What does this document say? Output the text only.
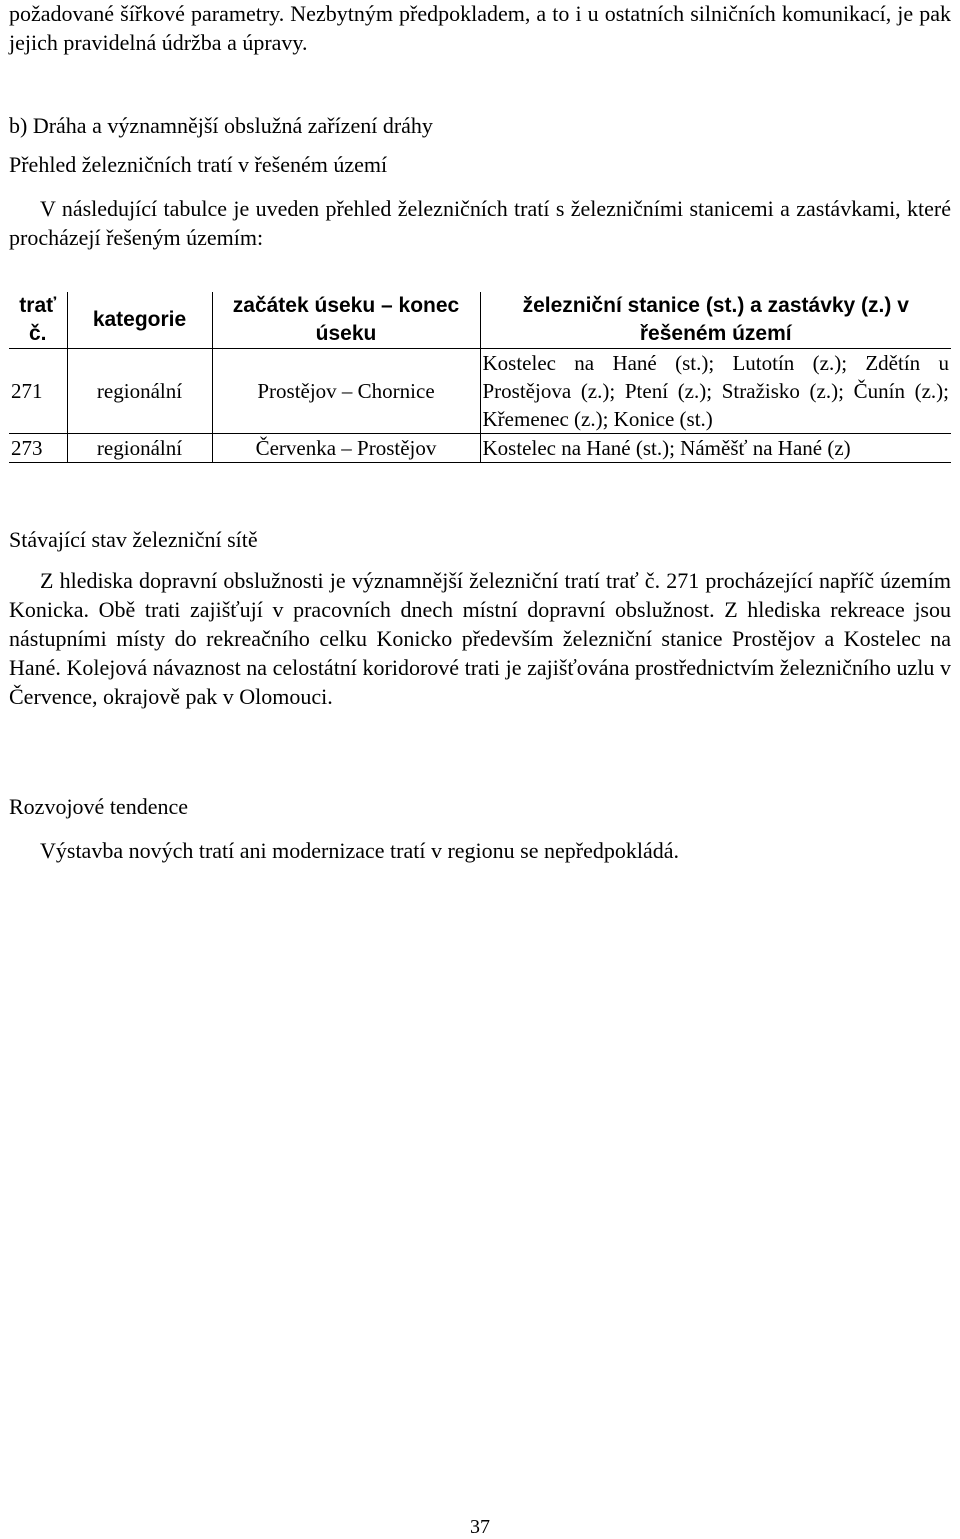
požadované šířkové parametry. Nezbytným předpokladem, a to i u ostatních silničních komunikací, je pak jejich pravidelná údržba a úpravy.

b) Dráha a významnější obslužná zařízení dráhy

Přehled železničních tratí v řešeném území

V následující tabulce je uveden přehled železničních tratí s železničními stanicemi a zastávkami, které procházejí řešeným územím:

trať č.	kategorie	začátek úseku – konec úseku	železniční stanice (st.) a zastávky (z.) v řešeném území
271	regionální	Prostějov – Chornice	Kostelec na Hané (st.); Lutotín (z.); Zdětín u Prostějova (z.); Ptení (z.); Stražisko (z.); Čunín (z.); Křemenec (z.); Konice (st.)
273	regionální	Červenka – Prostějov	Kostelec na Hané (st.); Náměšť na Hané (z)

Stávající stav železniční sítě

Z hlediska dopravní obslužnosti je významnější železniční tratí trať č. 271 procházející napříč územím Konicka. Obě trati zajišťují v pracovních dnech místní dopravní obslužnost. Z hlediska rekreace jsou nástupními místy do rekreačního celku Konicko především železniční stanice Prostějov a Kostelec na Hané. Kolejová návaznost na celostátní koridorové trati je zajišťována prostřednictvím železničního uzlu v Července, okrajově pak v Olomouci.

Rozvojové tendence

Výstavba nových tratí ani modernizace tratí v regionu se nepředpokládá.

37
